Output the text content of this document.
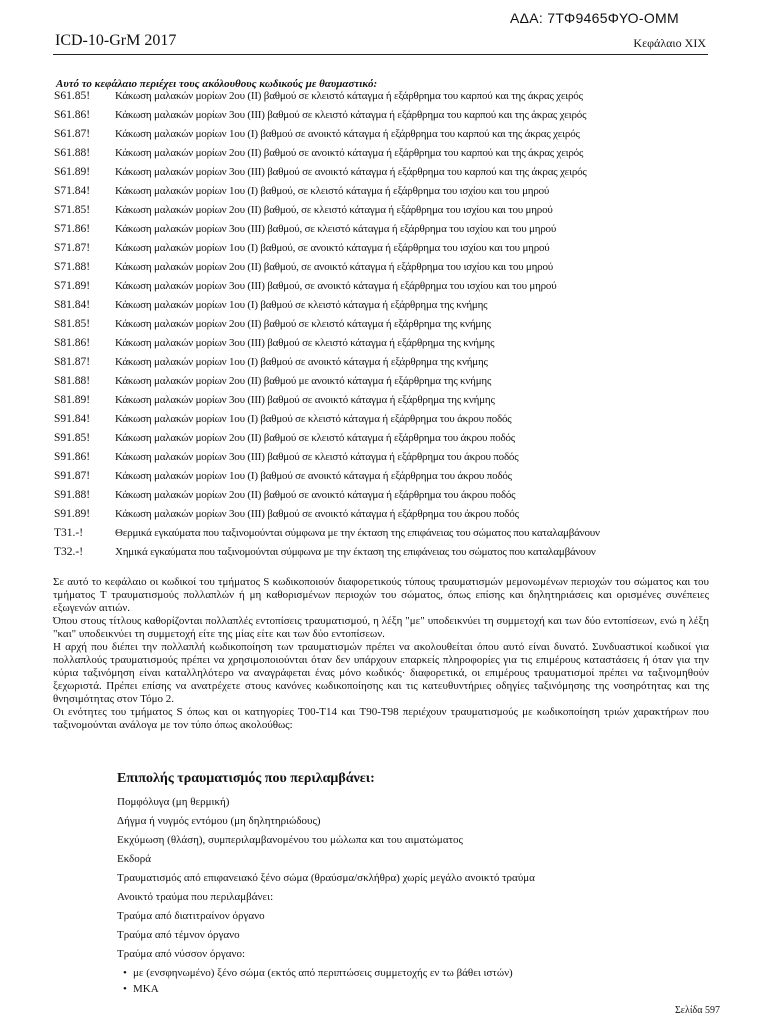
ΑΔΑ: 7ΤΦ9465ΦΥΟ-ΟΜΜ
ICD-10-GrM 2017	Κεφάλαιο XIX
Αυτό το κεφάλαιο περιέχει τους ακόλουθους κωδικούς με θαυμαστικό:
S61.85!	Κάκωση μαλακών μορίων 2ου (ΙΙ) βαθμού σε κλειστό κάταγμα ή εξάρθρημα του καρπού και της άκρας χειρός
S61.86!	Κάκωση μαλακών μορίων 3ου (ΙΙΙ) βαθμού σε κλειστό κάταγμα ή εξάρθρημα του καρπού και της άκρας χειρός
S61.87!	Κάκωση μαλακών μορίων 1ου (Ι) βαθμού σε ανοικτό κάταγμα ή εξάρθρημα του καρπού και της άκρας χειρός
S61.88!	Κάκωση μαλακών μορίων 2ου (ΙΙ) βαθμού σε ανοικτό κάταγμα ή εξάρθρημα του καρπού και της άκρας χειρός
S61.89!	Κάκωση μαλακών μορίων 3ου (ΙΙΙ) βαθμού σε ανοικτό κάταγμα ή εξάρθρημα του καρπού και της άκρας χειρός
S71.84!	Κάκωση μαλακών μορίων 1ου (Ι) βαθμού, σε κλειστό κάταγμα ή εξάρθρημα του ισχίου και του μηρού
S71.85!	Κάκωση μαλακών μορίων 2ου (ΙΙ) βαθμού, σε κλειστό κάταγμα ή εξάρθρημα του ισχίου και του μηρού
S71.86!	Κάκωση μαλακών μορίων 3ου (ΙΙΙ) βαθμού, σε κλειστό κάταγμα ή εξάρθρημα του ισχίου και του μηρού
S71.87!	Κάκωση μαλακών μορίων 1ου (Ι) βαθμού, σε ανοικτό κάταγμα ή εξάρθρημα του ισχίου και του μηρού
S71.88!	Κάκωση μαλακών μορίων 2ου (ΙΙ) βαθμού, σε ανοικτό κάταγμα ή εξάρθρημα του ισχίου και του μηρού
S71.89!	Κάκωση μαλακών μορίων 3ου (ΙΙΙ) βαθμού, σε ανοικτό κάταγμα ή εξάρθρημα του ισχίου και του μηρού
S81.84!	Κάκωση μαλακών μορίων 1ου (Ι) βαθμού σε κλειστό κάταγμα ή εξάρθρημα της κνήμης
S81.85!	Κάκωση μαλακών μορίων 2ου (ΙΙ) βαθμού σε κλειστό κάταγμα ή εξάρθρημα της κνήμης
S81.86!	Κάκωση μαλακών μορίων 3ου (ΙΙΙ) βαθμού σε κλειστό κάταγμα ή εξάρθρημα της κνήμης
S81.87!	Κάκωση μαλακών μορίων 1ου (Ι) βαθμού σε ανοικτό κάταγμα ή εξάρθρημα της κνήμης
S81.88!	Κάκωση μαλακών μορίων 2ου (ΙΙ) βαθμού με ανοικτό κάταγμα ή εξάρθρημα της κνήμης
S81.89!	Κάκωση μαλακών μορίων 3ου (ΙΙΙ) βαθμού σε ανοικτό κάταγμα ή εξάρθρημα της κνήμης
S91.84!	Κάκωση μαλακών μορίων 1ου (Ι) βαθμού σε κλειστό κάταγμα ή εξάρθρημα του άκρου ποδός
S91.85!	Κάκωση μαλακών μορίων 2ου (ΙΙ) βαθμού σε κλειστό κάταγμα ή εξάρθρημα του άκρου ποδός
S91.86!	Κάκωση μαλακών μορίων 3ου (ΙΙΙ) βαθμού σε κλειστό κάταγμα ή εξάρθρημα του άκρου ποδός
S91.87!	Κάκωση μαλακών μορίων 1ου (Ι) βαθμού σε ανοικτό κάταγμα ή εξάρθρημα του άκρου ποδός
S91.88!	Κάκωση μαλακών μορίων 2ου (ΙΙ) βαθμού σε ανοικτό κάταγμα ή εξάρθρημα του άκρου ποδός
S91.89!	Κάκωση μαλακών μορίων 3ου (ΙΙΙ) βαθμού σε ανοικτό κάταγμα ή εξάρθρημα του άκρου ποδός
T31.-!	Θερμικά εγκαύματα που ταξινομούνται σύμφωνα με την έκταση της επιφάνειας του σώματος που καταλαμβάνουν
T32.-!	Χημικά εγκαύματα που ταξινομούνται σύμφωνα με την έκταση της επιφάνειας του σώματος που καταλαμβάνουν

Σε αυτό το κεφάλαιο οι κωδικοί του τμήματος S κωδικοποιούν διαφορετικούς τύπους τραυματισμών μεμονωμένων περιοχών του σώματος και του τμήματος T τραυματισμούς πολλαπλών ή μη καθορισμένων περιοχών του σώματος, όπως επίσης και δηλητηριάσεις και ορισμένες συνέπειες εξωγενών αιτιών.

Όπου στους τίτλους καθορίζονται πολλαπλές εντοπίσεις τραυματισμού, η λέξη "με" υποδεικνύει τη συμμετοχή και των δύο εντοπίσεων, ενώ η λέξη "και" υποδεικνύει τη συμμετοχή είτε της μίας είτε και των δύο εντοπίσεων.

Η αρχή που διέπει την πολλαπλή κωδικοποίηση των τραυματισμών πρέπει να ακολουθείται όπου αυτό είναι δυνατό. Συνδυαστικοί κωδικοί για πολλαπλούς τραυματισμούς πρέπει να χρησιμοποιούνται όταν δεν υπάρχουν επαρκείς πληροφορίες για τις επιμέρους καταστάσεις ή όταν για την κύρια ταξινόμηση είναι καταλληλότερο να αναγράφεται ένας μόνο κωδικός· διαφορετικά, οι επιμέρους τραυματισμοί πρέπει να ταξινομηθούν ξεχωριστά. Πρέπει επίσης να ανατρέχετε στους κανόνες κωδικοποίησης και τις κατευθυντήριες οδηγίες ταξινόμησης της νοσηρότητας και της θνησιμότητας στον Τόμο 2.

Οι ενότητες του τμήματος S όπως και οι κατηγορίες T00-T14 και T90-T98 περιέχουν τραυματισμούς με κωδικοποίηση τριών χαρακτήρων που ταξινομούνται ανάλογα με τον τύπο όπως ακολούθως:

Επιπολής τραυματισμός που περιλαμβάνει:
Πομφόλυγα (μη θερμική)
Δήγμα ή νυγμός εντόμου (μη δηλητηριώδους)
Εκχύμωση (θλάση), συμπεριλαμβανομένου του μώλωπα και του αιματώματος
Εκδορά
Τραυματισμός από επιφανειακό ξένο σώμα (θραύσμα/σκλήθρα) χωρίς μεγάλο ανοικτό τραύμα
Ανοικτό τραύμα που περιλαμβάνει:
Τραύμα από διατιτραίνον όργανο
Τραύμα από τέμνον όργανο
Τραύμα από νύσσον όργανο:
• με (ενσφηνωμένο) ξένο σώμα (εκτός από περιπτώσεις συμμετοχής εν τω βάθει ιστών)
• ΜΚΑ
Σελίδα 597
